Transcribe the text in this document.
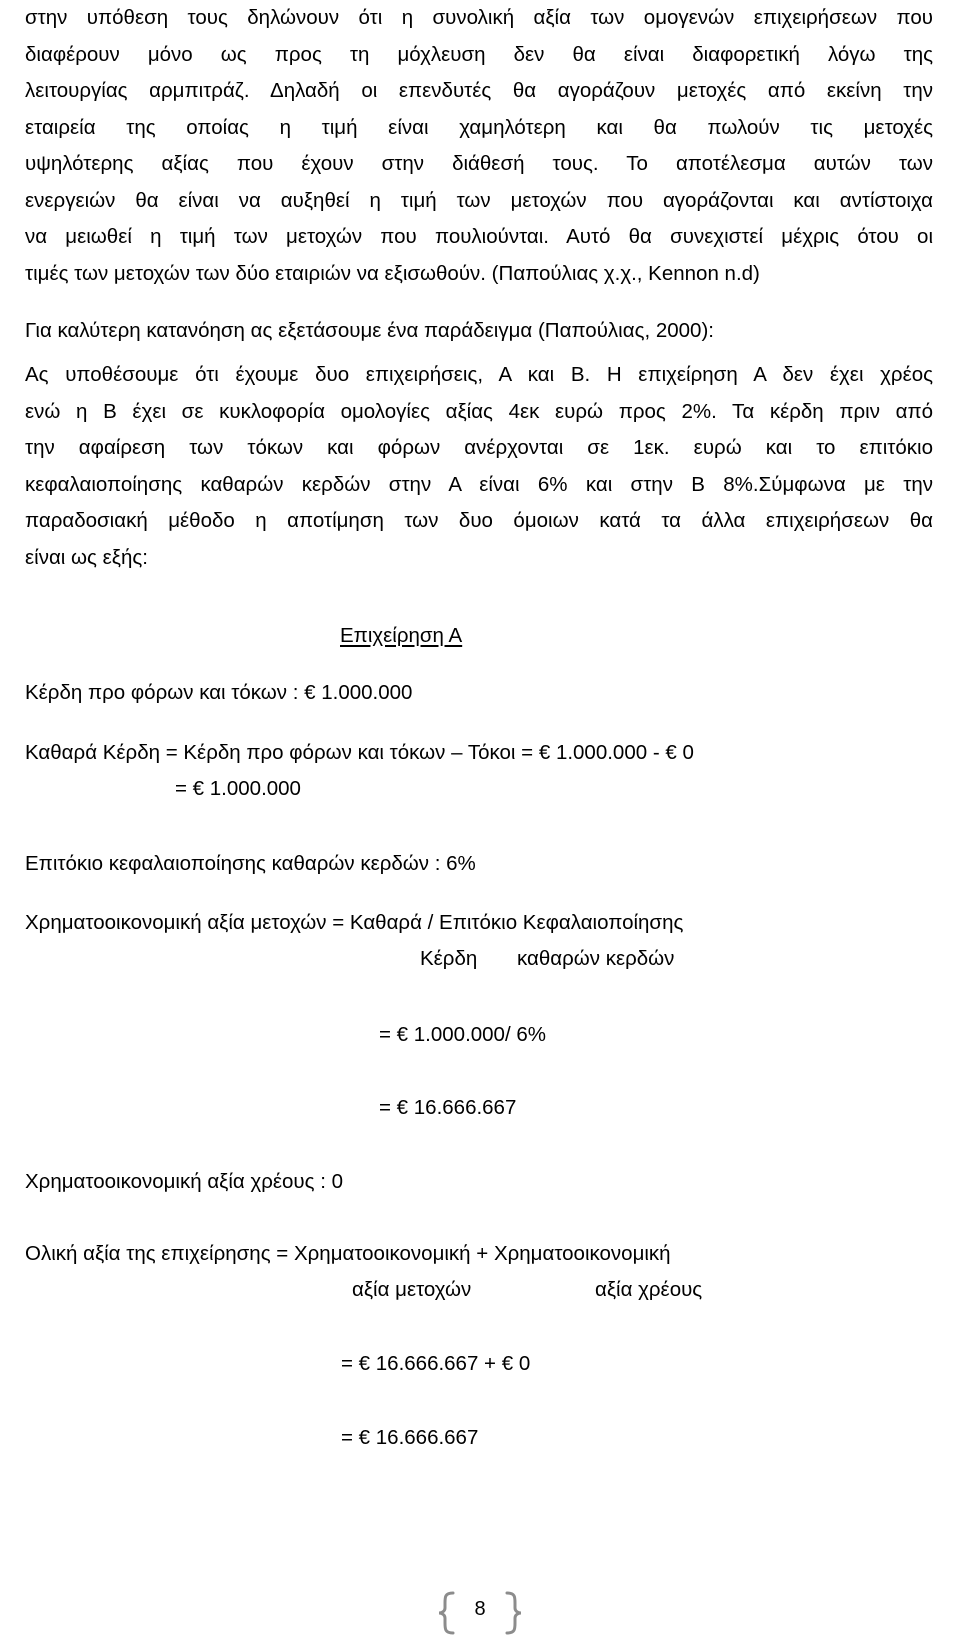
στην υπόθεση τους δηλώνουν ότι η συνολική αξία των ομογενών επιχειρήσεων που
διαφέρουν μόνο ως προς τη μόχλευση δεν θα είναι διαφορετική λόγω της
λειτουργίας αρμπιτράζ. Δηλαδή οι επενδυτές θα αγοράζουν μετοχές από εκείνη την
εταιρεία της οποίας η τιμή είναι χαμηλότερη και θα πωλούν τις μετοχές
υψηλότερης αξίας που έχουν στην διάθεσή τους. Το αποτέλεσμα αυτών των
ενεργειών θα είναι να αυξηθεί η τιμή των μετοχών που αγοράζονται και αντίστοιχα
να μειωθεί η τιμή των μετοχών που πουλιούνται. Αυτό θα συνεχιστεί μέχρις ότου οι
τιμές των μετοχών των δύο εταιριών να εξισωθούν. (Παπούλιας χ.χ., Kennon n.d)
Για καλύτερη κατανόηση ας εξετάσουμε ένα παράδειγμα (Παπούλιας, 2000):
Ας υποθέσουμε ότι έχουμε δυο επιχειρήσεις, Α και Β. Η επιχείρηση Α δεν έχει χρέος
ενώ η Β έχει σε κυκλοφορία ομολογίες αξίας 4εκ ευρώ προς 2%. Τα κέρδη πριν από
την αφαίρεση των τόκων και φόρων ανέρχονται σε 1εκ. ευρώ και το επιτόκιο
κεφαλαιοποίησης καθαρών κερδών στην Α είναι 6% και στην Β 8%.Σύμφωνα με την
παραδοσιακή μέθοδο η αποτίμηση των δυο όμοιων κατά τα άλλα επιχειρήσεων θα
είναι ως εξής:
Επιχείρηση Α
Κέρδη προ φόρων και τόκων : € 1.000.000
Καθαρά Κέρδη = Κέρδη προ φόρων και τόκων – Τόκοι = € 1.000.000 - € 0
= € 1.000.000
Επιτόκιο κεφαλαιοποίησης καθαρών κερδών : 6%
Χρηματοοικονομική αξία μετοχών = Καθαρά / Επιτόκιο Κεφαλαιοποίησης
Κέρδη καθαρών κερδών
= € 1.000.000/ 6%
= € 16.666.667
Χρηματοοικονομική αξία χρέους : 0
Ολική αξία της επιχείρησης = Χρηματοοικονομική + Χρηματοοικονομική
αξία μετοχών	αξία χρέους
= € 16.666.667 + € 0
= € 16.666.667
8
